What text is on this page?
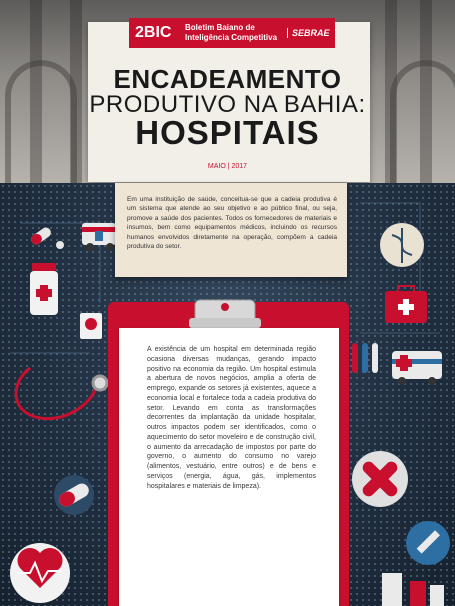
2BIC	Boletim Baiano de Inteligência Competitiva	SEBRAE
ENCADEAMENTO
PRODUTIVO NA BAHIA:
HOSPITAIS
MAIO | 2017
Em uma instituição de saúde, conceitua-se que a cadeia produtiva é um sistema que atende ao seu objetivo e ao público final, ou seja, promove a saúde dos pacientes. Todos os fornecedores de materiais e insumos, bem como equipamentos médicos, incluindo os recursos humanos envolvidos diretamente na operação, compõem a cadeia produtiva do setor.
A existência de um hospital em determinada região ocasiona diversas mudanças, gerando impacto positivo na economia da região. Um hospital estimula a abertura de novos negócios, amplia a oferta de emprego, expande os setores já existentes, aquece a economia local e fortalece toda a cadeia produtiva do setor. Levando em conta as transformações decorrentes da implantação da unidade hospitalar, outros impactos podem ser identificados, como o aquecimento do setor moveleiro e de construção civil, o aumento da arrecadação de impostos por parte do governo, o aumento do consumo no varejo (alimentos, vestuário, entre outros) e de bens e serviços (energia, água, gás, implementos hospitalares e materiais de limpeza).
Fonte: Sebrae Bahia, 2013
